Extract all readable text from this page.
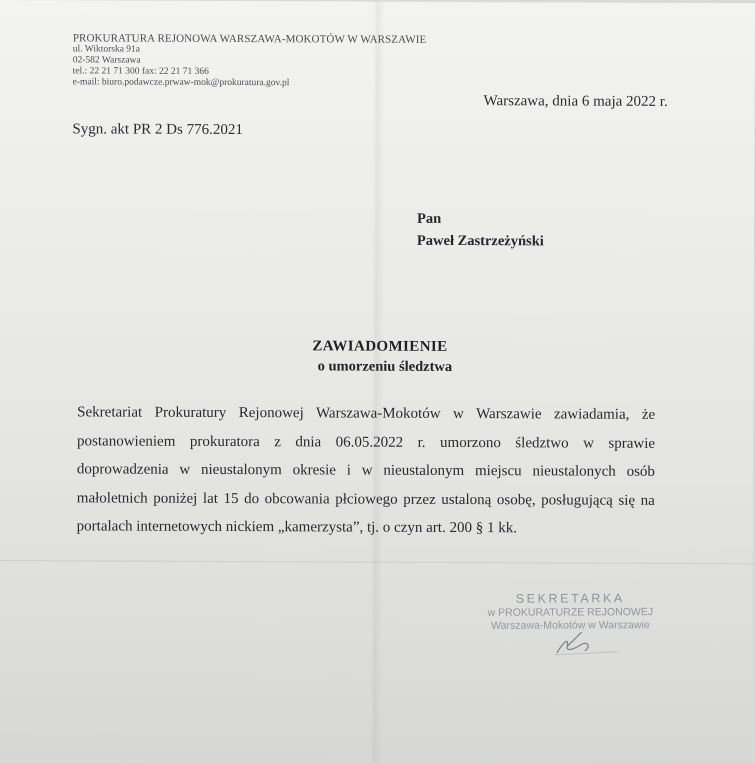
PROKURATURA REJONOWA WARSZAWA-MOKOTÓW W WARSZAWIE
ul. Wiktorska 91a
02-582 Warszawa
tel.: 22 21 71 300 fax: 22 21 71 366
e-mail: biuro.podawcze.prwaw-mok@prokuratura.gov.pl
Warszawa, dnia 6 maja 2022 r.
Sygn. akt PR 2 Ds 776.2021
Pan
Paweł Zastrzeżyński
ZAWIADOMIENIE
o umorzeniu śledztwa
Sekretariat Prokuratury Rejonowej Warszawa-Mokotów w Warszawie zawiadamia, że
postanowieniem prokuratora z dnia 06.05.2022 r. umorzono śledztwo w sprawie
doprowadzenia w nieustalonym okresie i w nieustalonym miejscu nieustalonych osób
małoletnich poniżej lat 15 do obcowania płciowego przez ustaloną osobę, posługującą się na
portalach internetowych nickiem „kamerzysta”, tj. o czyn art. 200 § 1 kk.
SEKRETARKA
w PROKURATURZE REJONOWEJ
Warszawa-Mokotów w Warszawie
